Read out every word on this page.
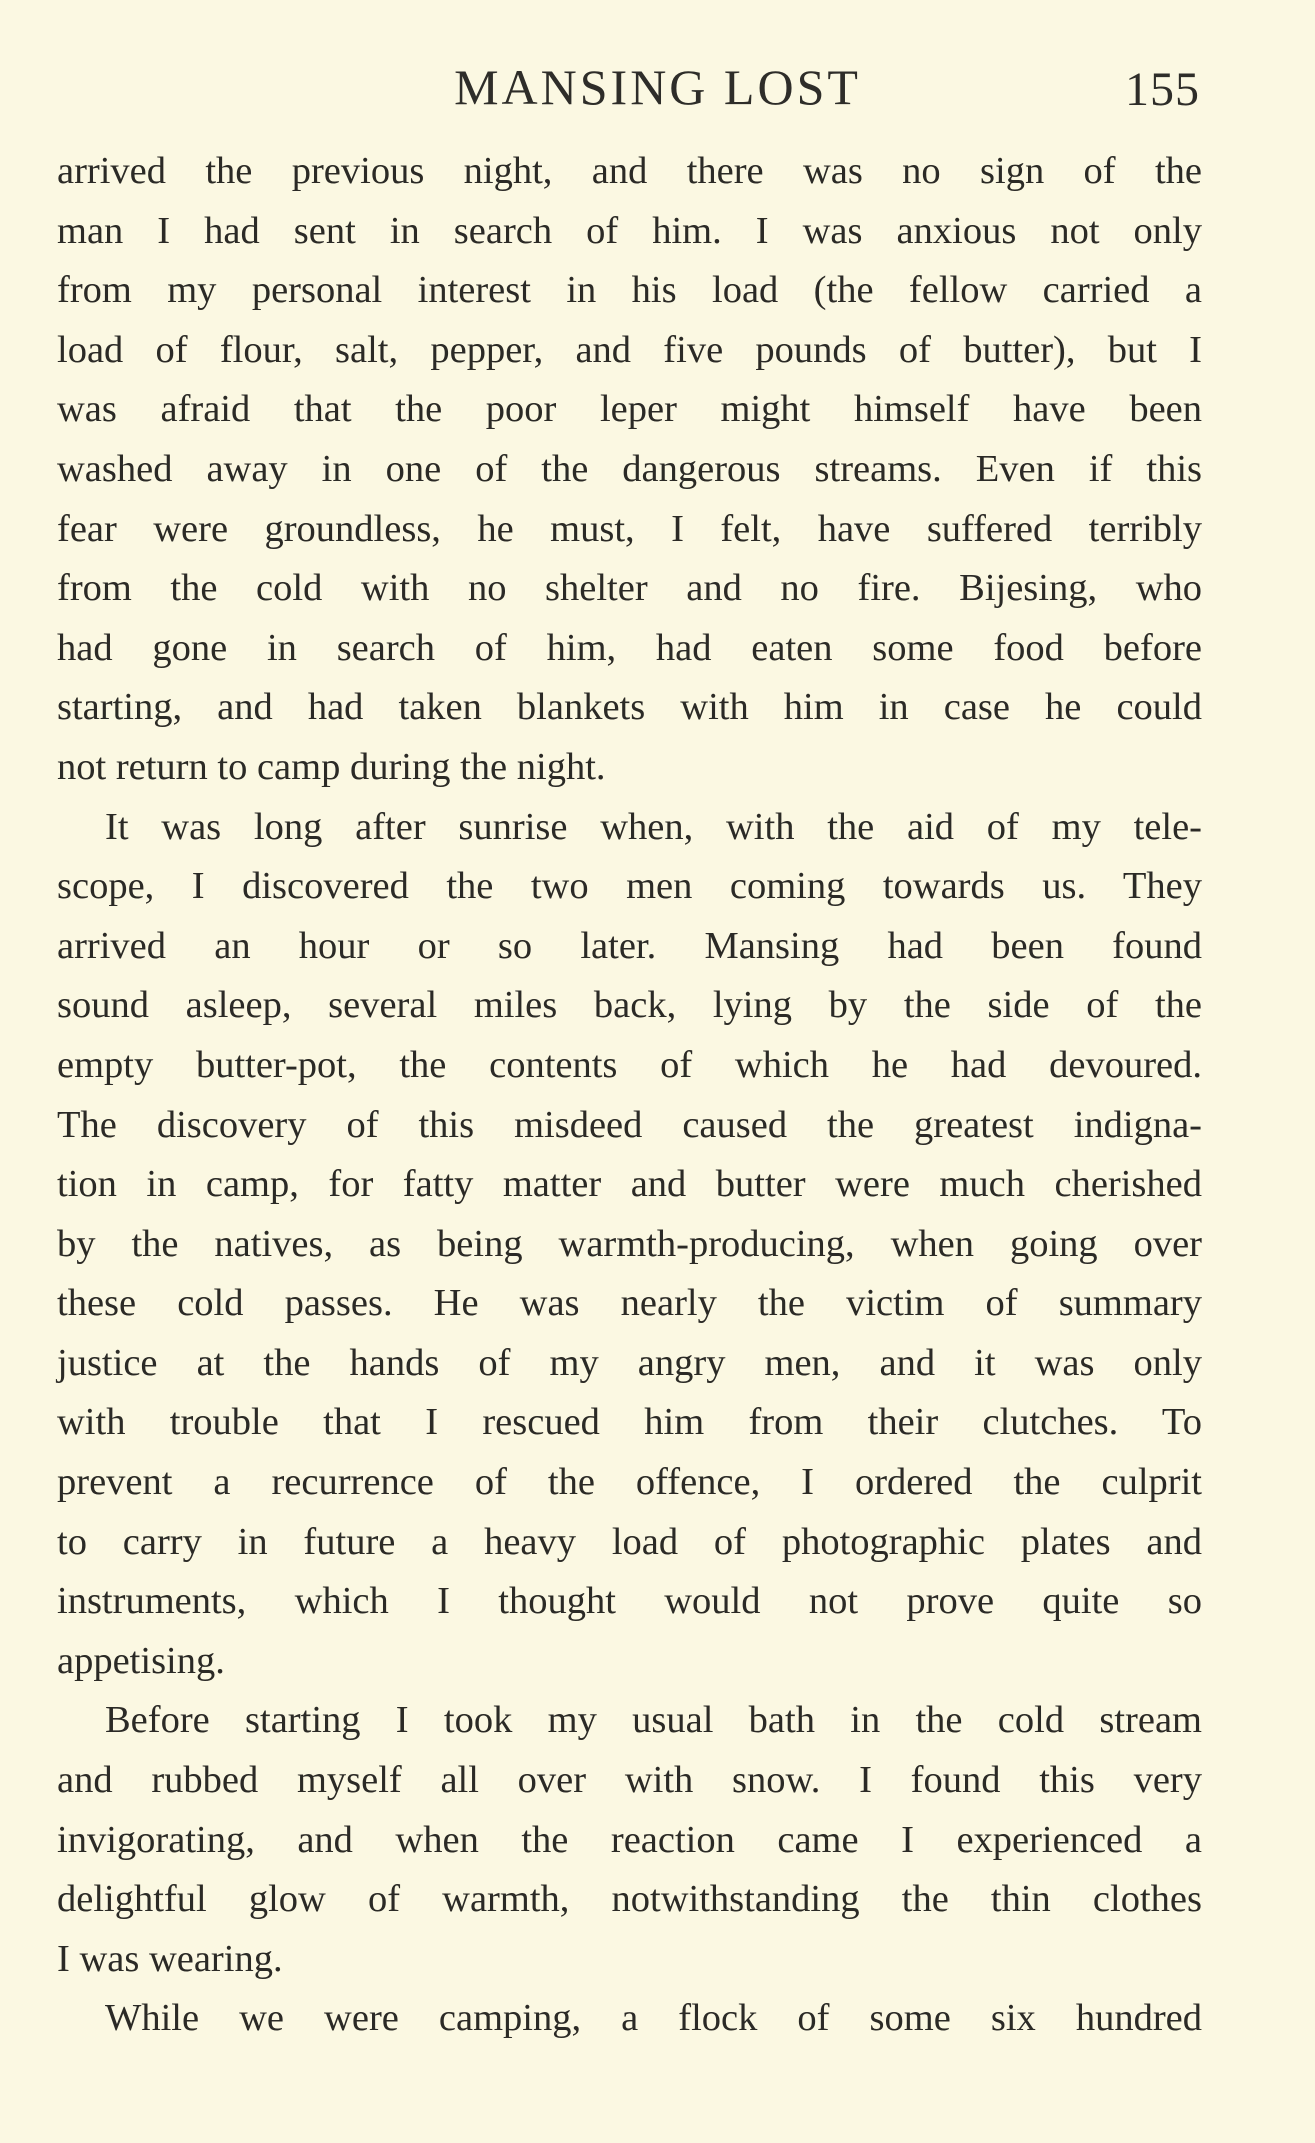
MANSING LOST	155
arrived the previous night, and there was no sign of the
man I had sent in search of him. I was anxious not only
from my personal interest in his load (the fellow carried a
load of flour, salt, pepper, and five pounds of butter), but I
was afraid that the poor leper might himself have been
washed away in one of the dangerous streams. Even if this
fear were groundless, he must, I felt, have suffered terribly
from the cold with no shelter and no fire. Bijesing, who
had gone in search of him, had eaten some food before
starting, and had taken blankets with him in case he could
not return to camp during the night.
It was long after sunrise when, with the aid of my tele-
scope, I discovered the two men coming towards us. They
arrived an hour or so later. Mansing had been found
sound asleep, several miles back, lying by the side of the
empty butter-pot, the contents of which he had devoured.
The discovery of this misdeed caused the greatest indigna-
tion in camp, for fatty matter and butter were much cherished
by the natives, as being warmth-producing, when going over
these cold passes. He was nearly the victim of summary
justice at the hands of my angry men, and it was only
with trouble that I rescued him from their clutches. To
prevent a recurrence of the offence, I ordered the culprit
to carry in future a heavy load of photographic plates and
instruments, which I thought would not prove quite so
appetising.
Before starting I took my usual bath in the cold stream
and rubbed myself all over with snow. I found this very
invigorating, and when the reaction came I experienced a
delightful glow of warmth, notwithstanding the thin clothes
I was wearing.
While we were camping, a flock of some six hundred
